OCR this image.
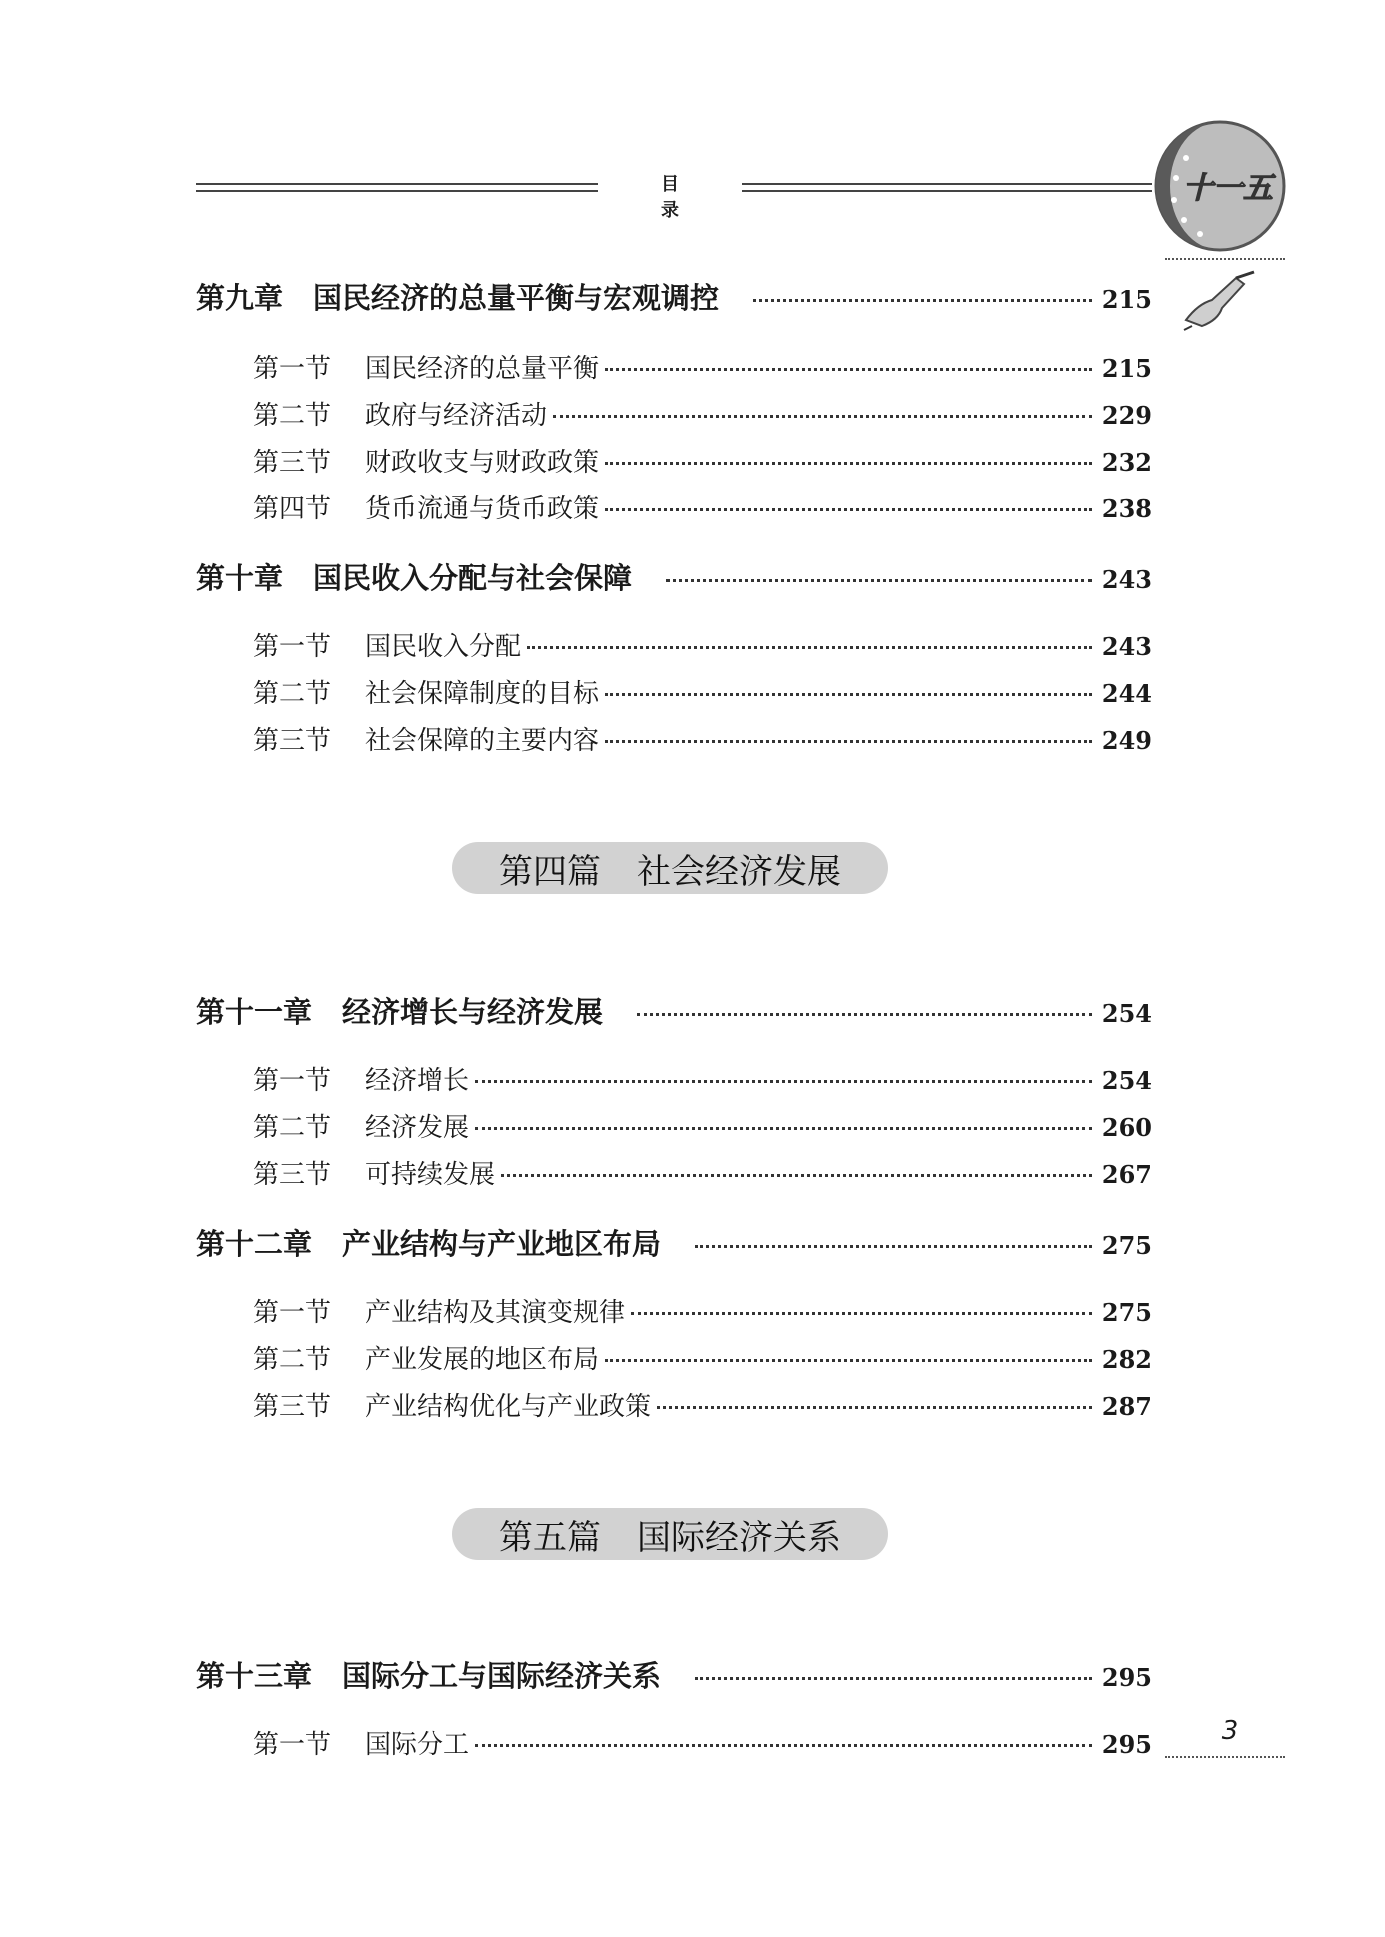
目 录
十一五
第九章 国民经济的总量平衡与宏观调控	215
第一节 国民经济的总量平衡	215
第二节 政府与经济活动	229
第三节 财政收支与财政政策	232
第四节 货币流通与货币政策	238
第十章 国民收入分配与社会保障	243
第一节 国民收入分配	243
第二节 社会保障制度的目标	244
第三节 社会保障的主要内容	249
第四篇 社会经济发展
第十一章 经济增长与经济发展	254
第一节 经济增长	254
第二节 经济发展	260
第三节 可持续发展	267
第十二章 产业结构与产业地区布局	275
第一节 产业结构及其演变规律	275
第二节 产业发展的地区布局	282
第三节 产业结构优化与产业政策	287
第五篇 国际经济关系
第十三章 国际分工与国际经济关系	295
第一节 国际分工	295	3
